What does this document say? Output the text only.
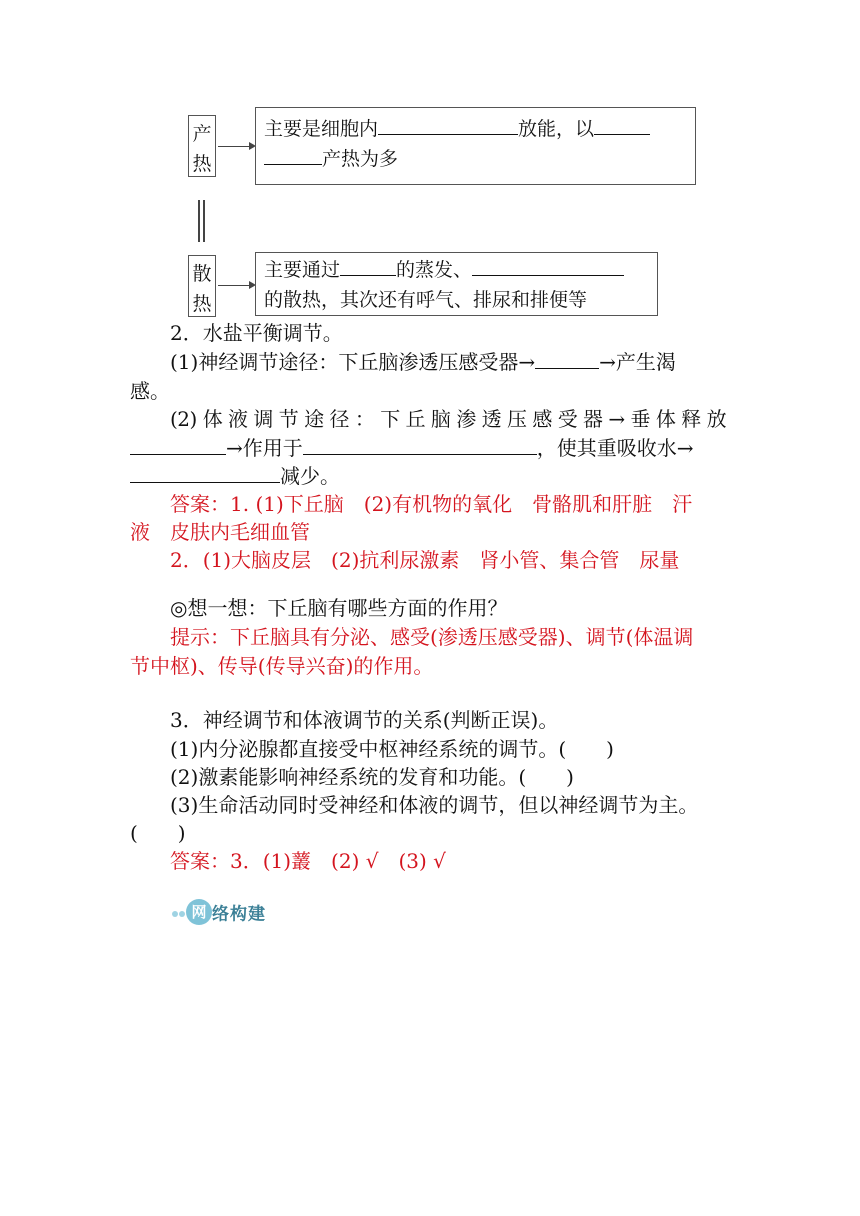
产
热
主要是细胞内	放能，以
产热为多
散
热
主要通过	的蒸发、
的散热，其次还有呼气、排尿和排便等
2．水盐平衡调节。
(1)神经调节途径：下丘脑渗透压感受器→	→产生渴
感。
(2) 体 液 调 节 途 径 ： 下 丘 脑 渗 透 压 感 受 器 → 垂 体 释 放
→作用于	，使其重吸收水→
减少。
答案：1. (1)下丘脑　(2)有机物的氧化　骨骼肌和肝脏　汗
液　皮肤内毛细血管
2．(1)大脑皮层　(2)抗利尿激素　肾小管、集合管　尿量
◎想一想：下丘脑有哪些方面的作用？
提示：下丘脑具有分泌、感受(渗透压感受器)、调节(体温调
节中枢)、传导(传导兴奋)的作用。
3．神经调节和体液调节的关系(判断正误)。
(1)内分泌腺都直接受中枢神经系统的调节。(　　)
(2)激素能影响神经系统的发育和功能。(　　)
(3)生命活动同时受神经和体液的调节，但以神经调节为主。
(　　)
答案：3．(1)䕺　(2) √　(3) √
网 络构建
